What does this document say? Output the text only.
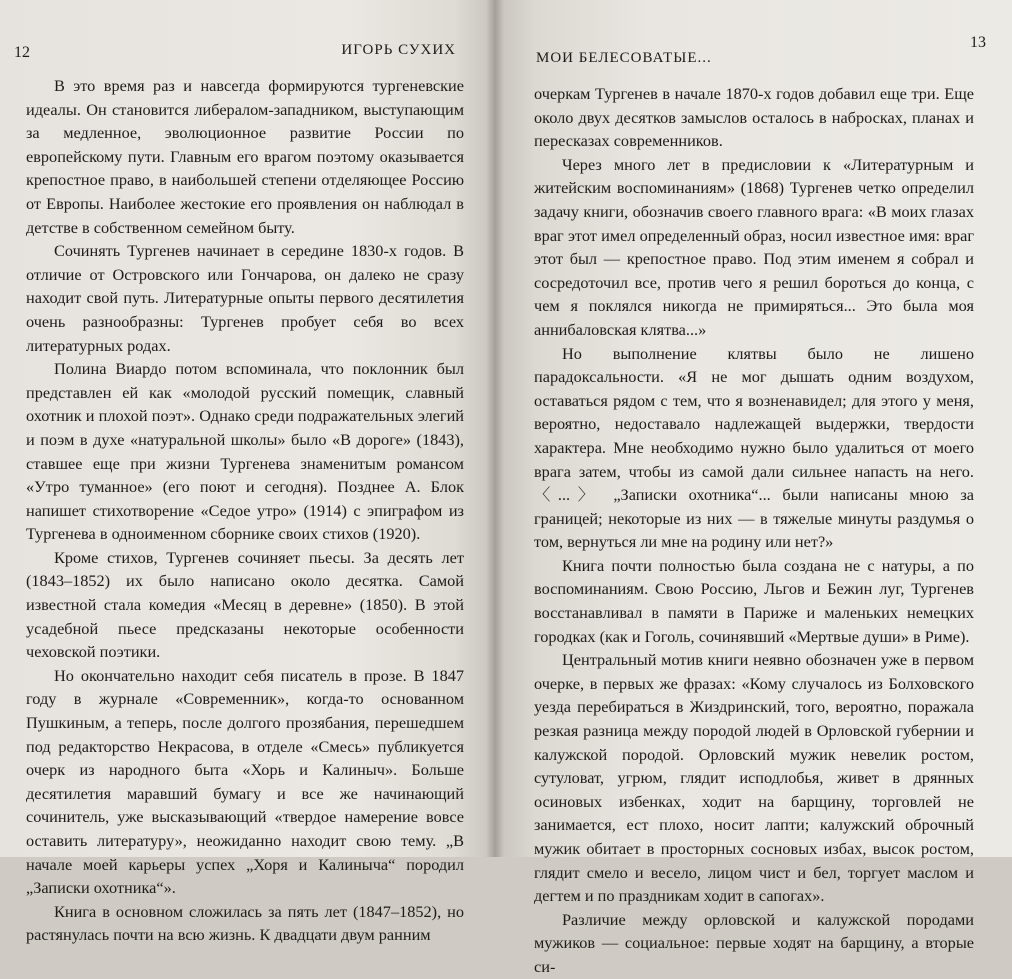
12	ИГОРЬ СУХИХ

В это время раз и навсегда формируются тургеневские идеалы. Он становится либералом-западником, выступающим за медленное, эволюционное развитие России по европейскому пути. Главным его врагом поэтому оказывается крепостное право, в наибольшей степени отделяющее Россию от Европы. Наиболее жестокие его проявления он наблюдал в детстве в собственном семейном быту.

Сочинять Тургенев начинает в середине 1830-х годов. В отличие от Островского или Гончарова, он далеко не сразу находит свой путь. Литературные опыты первого десятилетия очень разнообразны: Тургенев пробует себя во всех литературных родах.

Полина Виардо потом вспоминала, что поклонник был представлен ей как «молодой русский помещик, славный охотник и плохой поэт». Однако среди подражательных элегий и поэм в духе «натуральной школы» было «В дороге» (1843), ставшее еще при жизни Тургенева знаменитым романсом «Утро туманное» (его поют и сегодня). Позднее А. Блок напишет стихотворение «Седое утро» (1914) с эпиграфом из Тургенева в одноименном сборнике своих стихов (1920).

Кроме стихов, Тургенев сочиняет пьесы. За десять лет (1843–1852) их было написано около десятка. Самой известной стала комедия «Месяц в деревне» (1850). В этой усадебной пьесе предсказаны некоторые особенности чеховской поэтики.

Но окончательно находит себя писатель в прозе. В 1847 году в журнале «Современник», когда-то основанном Пушкиным, а теперь, после долгого прозябания, перешедшем под редакторство Некрасова, в отделе «Смесь» публикуется очерк из народного быта «Хорь и Калиныч». Больше десятилетия маравший бумагу и все же начинающий сочинитель, уже высказывающий «твердое намерение вовсе оставить литературу», неожиданно находит свою тему. „В начале моей карьеры успех „Хоря и Калиныча“ породил „Записки охотника“».

Книга в основном сложилась за пять лет (1847–1852), но растянулась почти на всю жизнь. К двадцати двум ранним

МОИ БЕЛЕСОВАТЫЕ...
13

очеркам Тургенев в начале 1870-х годов добавил еще три. Еще около двух десятков замыслов осталось в набросках, планах и пересказах современников.

Через много лет в предисловии к «Литературным и житейским воспоминаниям» (1868) Тургенев четко определил задачу книги, обозначив своего главного врага: «В моих глазах враг этот имел определенный образ, носил известное имя: враг этот был — крепостное право. Под этим именем я собрал и сосредоточил все, против чего я решил бороться до конца, с чем я поклялся никогда не примиряться... Это была моя аннибаловская клятва...»

Но выполнение клятвы было не лишено парадоксальности. «Я не мог дышать одним воздухом, оставаться рядом с тем, что я возненавидел; для этого у меня, вероятно, недоставало надлежащей выдержки, твердости характера. Мне необходимо нужно было удалиться от моего врага затем, чтобы из самой дали сильнее напасть на него. 〈...〉 „Записки охотника“... были написаны мною за границей; некоторые из них — в тяжелые минуты раздумья о том, вернуться ли мне на родину или нет?»

Книга почти полностью была создана не с натуры, а по воспоминаниям. Свою Россию, Льгов и Бежин луг, Тургенев восстанавливал в памяти в Париже и маленьких немецких городках (как и Гоголь, сочинявший «Мертвые души» в Риме).

Центральный мотив книги неявно обозначен уже в первом очерке, в первых же фразах: «Кому случалось из Болховского уезда перебираться в Жиздринский, того, вероятно, поражала резкая разница между породой людей в Орловской губернии и калужской породой. Орловский мужик невелик ростом, сутуловат, угрюм, глядит исподлобья, живет в дрянных осиновых избенках, ходит на барщину, торговлей не занимается, ест плохо, носит лапти; калужский оброчный мужик обитает в просторных сосновых избах, высок ростом, глядит смело и весело, лицом чист и бел, торгует маслом и дегтем и по праздникам ходит в сапогах».

Различие между орловской и калужской породами мужиков — социальное: первые ходят на барщину, а вторые си-
